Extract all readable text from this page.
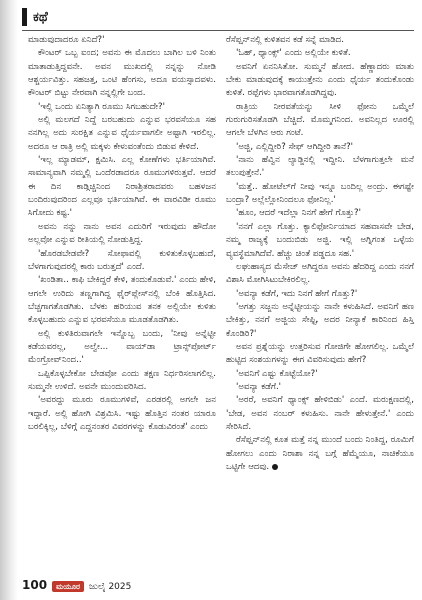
ಕಥೆ

ಮಾಡುವುದಾದರೂ ಏನಿದೆ?'

ಕೌಂಟರ್ ಒಬ್ಬ ಐಂದ; ಅವನು ಈ ಮೊದಲು ಬಾಗಿಲ ಬಳಿ ನಿಂತು ಮಾತಾಡುತ್ತಿದ್ದವನೇ. ಅವನ ಮುಖದಲ್ಲಿ ನನ್ನನ್ನು ನೋಡಿ ಆಶ್ಚರ್ಯವಿತ್ತು. ಸಹಜತ್ತ, ಒಂಟಿ ಹೆಂಗಸು, ಅದೂ ವಯಸ್ಸಾದವಳು. ಕೌಂಟರ್ ಬಿಟ್ಟು ನೇರವಾಗಿ ನನ್ನಲ್ಲಿಗೇ ಬಂದ.

'ಇಲ್ಲಿ ಒಂದು ಏನಿತ್ಯಾಗಿ ರೂಮು ಸಿಗಬಹುದೇ?'

ಅಲ್ಲಿ ಮಲಗದೆ ನಿದ್ದೆ ಬರಬಹುದು ಎನ್ನುವ ಭರವಸೆಯೂ ಸಹ ನನಗಿಲ್ಲ ಅದು ಸುರಕ್ಷಿತ ಎನ್ನುವ ಧೈರ್ಯವಾಗಲೀ ಅಷ್ಟಾಗಿ ಇರಲಿಲ್ಲ. ಅದರೂ ಆ ರಾತ್ರಿ ಅಲ್ಲಿ ಮಕ್ಕಳು ಕೇಳುವಂತೆಂದು ಬಿಡುವ ಕೇಳಿದೆ.

'ಇಲ್ಲ ಮ್ಯಾಡಮ್, ಕ್ಷಮಿಸಿ. ಎಲ್ಲ ಕೋಣೆಗಳು ಭರ್ತಿಯಾಗಿವೆ. ಸಾಮಾನ್ಯವಾಗಿ ನಮ್ಮಲ್ಲಿ ಒಂದೆರಡಾದರೂ ರೂಮುಗಳಿರುತ್ತವೆ. ಆದರೆ ಈ ದಿನ ಕಾಡ್ಗಿಚ್ಚಿನಿಂದ ನಿರಾಶ್ರಿತರಾದವರು ಬಹಳಜನ ಬಂದಿರುವುದರಿಂದ ಎಲ್ಲವೂ ಭರ್ತಿಯಾಗಿವೆ. ಈ ವಾರವಿಡೀ ರೂಮು ಸಿಗೋದು ಕಷ್ಟ.'

ಅವನು ನನ್ನು ನಾನು ಅವನ ಎದುರಿಗೆ ಇರುವುದು ಹೌದೋ ಅಲ್ಲವೋ ಎನ್ನುವ ರೀತಿಯಲ್ಲಿ ನೋಡುತ್ತಿದ್ದ.

'ಹೊರಡಬೇಡವೇ? ಸೋಫಾವಲ್ಲಿ ಕುಳಿತುಕೊಳ್ಳಬಹುದೆ, ಬೆಳಗಾಗುವುದರಲ್ಲಿ ಕಾರು ಬರುತ್ತದೆ' ಎಂದೆ.

'ಖಂಡಿತಾ.. ಕಾಫಿ ಬೇಕಿದ್ದರೆ ಕೇಳಿ, ತಂದುಕೊಡುವೆ.' ಎಂದು ಹೇಳಿ, ಆಗಲೇ ಉರಿದು ತಣ್ಣಗಾಗಿದ್ದ ಫೈರ್‌ಪ್ಲೇಸ್‌ನಲ್ಲಿ ಬೆಂಕಿ ಹೊತ್ತಿಸಿದ. ಬೆಚ್ಚಗಾಗತೊಡಗಿತು. ಬೆಳಕು ಹರಿಯುವ ತನಕ ಅಲ್ಲಿಯೇ ಕುಳಿತು ಕೊಳ್ಳಬಹುದು ಎನ್ನುವ ಭರವಸೆಯೂ ಮೂಡತೊಡಗಿತು.

ಅಲ್ಲಿ ಕುಳಿತಿರುವಾಗಲೇ ಇನ್ನೊಬ್ಬ ಬಂದು, 'ನೀವು ಅನ್ನೆಟ್ಟೀ ಕಡೆಯವರಲ್ಲ, ಅಲ್ವೇ... ವಾಯ್‌ಡಾ ಟ್ರಾನ್ಸ್‌ಪೋರ್ಟ್ ಮೆಂಗ್ರೋವ್‌ನಿಂದ..'

ಒಪ್ಪಿಕೊಳ್ಳಬೇಕೋ ಬೇಡವೋ ಎಂದು ತಕ್ಷಣ ನಿರ್ಧರಿಸಲಾಗಲಿಲ್ಲ. ಸುಮ್ಮನೇ ಉಳಿದೆ. ಅವನೇ ಮುಂದುವರಿಸಿದ.

'ಅವರದ್ದು ಮೂರು ರೂಮುಗಳಿವೆ, ಎರಡರಲ್ಲಿ ಅಗಲೇ ಜನ ಇದ್ದಾರೆ. ಅಲ್ಲಿ ಹೋಗಿ ವಿಶ್ರಮಿಸಿ. ಇಷ್ಟು ಹೊತ್ತಿನ ನಂತರ ಯಾರೂ ಬರಲಿಕ್ಕಿಲ್ಲ, ಬೆಳಿಗ್ಗೆ ಎದ್ದನಂತರ ವಿವರಗಳನ್ನು ಕೊಡುವಿರಂತೆ' ಎಂದು

ರೆಸೆಪ್ಷನ್‌ನಲ್ಲಿ ಕುಳಿತವನ ಕಡೆ ಸನ್ನೆ ಮಾಡಿದ.

'ಓಹ್, ಥ್ಯಾಂಕ್ಸ್' ಎಂದು ಅಲ್ಲಿಯೇ ಕುಳಿತೆ.

ಅವನಿಗೆ ಏನನಿಸಿತೋ. ಸುಮ್ಮನೆ ಹೋದ. ಹೆಣ್ಣಾದರು ಮಾತು ಬೇಕು ಮಾಡುವುದಕ್ಕೆ ಕಾಯುತ್ತೇನು ಎಂದು ಧೈರ್ಯ ತಂದುಕೊಂಡು ಕುಳಿತೆ. ರಪ್ಪೆಗಳು ಭಾರವಾಗತೊಡಗಿದ್ದವು.

ರಾತ್ರಿಯ ನೀರವತೆಯನ್ನು ಸೀಳಿ ಫೋನು ಒಮ್ಮೆಲೆ ಗುರುಗುರಿಸತೊಡಗಿ ಬೆಚ್ಚಿದೆ. ಮೊಮ್ಮಗನಿಂದ. ಅವನಿಲ್ಲದ ಊರಲ್ಲಿ ಆಗಲೇ ಬೆಳಗಿನ ಆರು ಗಂಟೆ.

'ಅಜ್ಜಿ, ಎಲ್ಲಿದ್ದೀರಿ? ಸೇಫ್ ಆಗಿದ್ದೀರಿ ತಾನೆ?'

'ನಾನು ಹೆವ್ವಿನ ಲ್ಯಾಡ್ಜಿನಲ್ಲಿ ಇದ್ದೀನಿ. ಬೆಳಗಾಗುತ್ತಲೇ ಮನೆ ತಲುಪುತ್ತೇನೆ.'

'ಮತ್ತೆ.. ಹೋಟೆಲ್‌ಗೆ ನೀವು ಇನ್ನೂ ಬಂದಿಲ್ಲ ಅಂದ್ರು. ಈಗಷ್ಟೇ ಬಂದ್ರಾ? ಅಲ್ಲೆಲ್ಲೋನಿಂದಲೂ ಫೋನಿಲ್ಲ.'

'ಹೂಂ, ಆದರೆ ಇದೆಲ್ಲಾ ನಿನಗೆ ಹೇಗೆ ಗೊತ್ತು?'

'ನನಗೆ ಎಲ್ಲಾ ಗೊತ್ತು. ಕ್ಯಾಲಿಫೋರ್ನಿಯಾದ ಸಹವಾಸವೇ ಬೇಡ, ನಮ್ಮ ರಾಜ್ಯಕ್ಕೆ ಬಂದುಬಿಡು ಅಜ್ಜಿ. ಇಲ್ಲಿ ಅಗ್ನಿಗಂತ ಒಳ್ಳೆಯ ವ್ಯವಸ್ಥೆಮಾಗಿದೆವೆ. ಹೆಚ್ಚು ಚಿಂತೆ ಪಡ್ಡದೂ ಸಹ.'

ಲಘುಹಾಸ್ಯದ ಮೆಸೇಜ್ ಅಗಿದ್ದರೂ ಅವನು ಹೆದರಿದ್ದ ಎಂದು ನನಗೆ ವಿಶಾಸಿ ಮೋಗಿಸಿಟುಬೇಕಿರಲಿಲ್ಲ.

'ಅವನ್ಯಾ ಕಡೆಗೆ, ಇದು ನಿನಗೆ ಹೇಗೆ ಗೊತ್ತು?'

'ಅಗತ್ತು ಸಜ್ಜನು ಅನ್ನೆಟ್ಟೀಯನ್ನು ನಾನೇ ಕಳುಹಿಸಿದೆ. ಅವನಿಗೆ ಹಣ ಬೇಕಿತ್ತು, ನನಗೆ ಅಜ್ಜಿಯ ಸೇಫ್ಟಿ, ಅದರ ನೀನ್ಯಾಕೆ ಕಾರಿನಿಂದ ಹಿಸ್ತಿ ಕೊಂಡಿರಿ?'

ಅವನ ಪ್ರಶ್ನೆಯನ್ನು ಉತ್ತರಿಸುವ ಗೋಜಿಗೇ ಹೋಗಲಿಲ್ಲ. ಒಮ್ಮೆಲೆ ಹುಟ್ಟಿದ ಸಂಶಯಗಳನ್ನು ಈಗ ವಿವರಿಸುವುದು ಹೇಗೆ?

'ಅವನಿಗೆ ಎಷ್ಟು ಕೊಟ್ಟೆಯೋ?'

'ಅವನ್ಯಾ ಕಡೆಗೆ.'

'ಅರರೆ, ಅವನಿಗೆ ಥ್ಯಾಂಕ್ಸ್ ಹೇಳಿಬಿಡು' ಎಂದೆ. ಮರುಕ್ಷಣದಲ್ಲಿ, 'ಬೇಡ, ಅವನ ನಂಬರ್ ಕಳುಹಿಸು. ನಾನೇ ಹೇಳುತ್ತೇನೆ.' ಎಂದು ಸೇರಿಸಿದೆ.

ರೆಸೆಪ್ಷನ್‌ನಲ್ಲಿ ಕೂತ ಮತ್ತೆ ನನ್ನ ಮುಂದೆ ಬಂದು ನಿಂತಿದ್ದ, ರೂಮಿಗೆ ಹೋಗಲು ಎಂದು ನಿರಾಶಾ ನನ್ನ ಬಗ್ಗೆ ಹೆಮ್ಮೆಯೂ, ನಾಚಿಕೆಯೂ ಒಟ್ಟಿಗೇ ಆದವು.

100	ಮಯೂರ	ಜುಲೈ 2025
